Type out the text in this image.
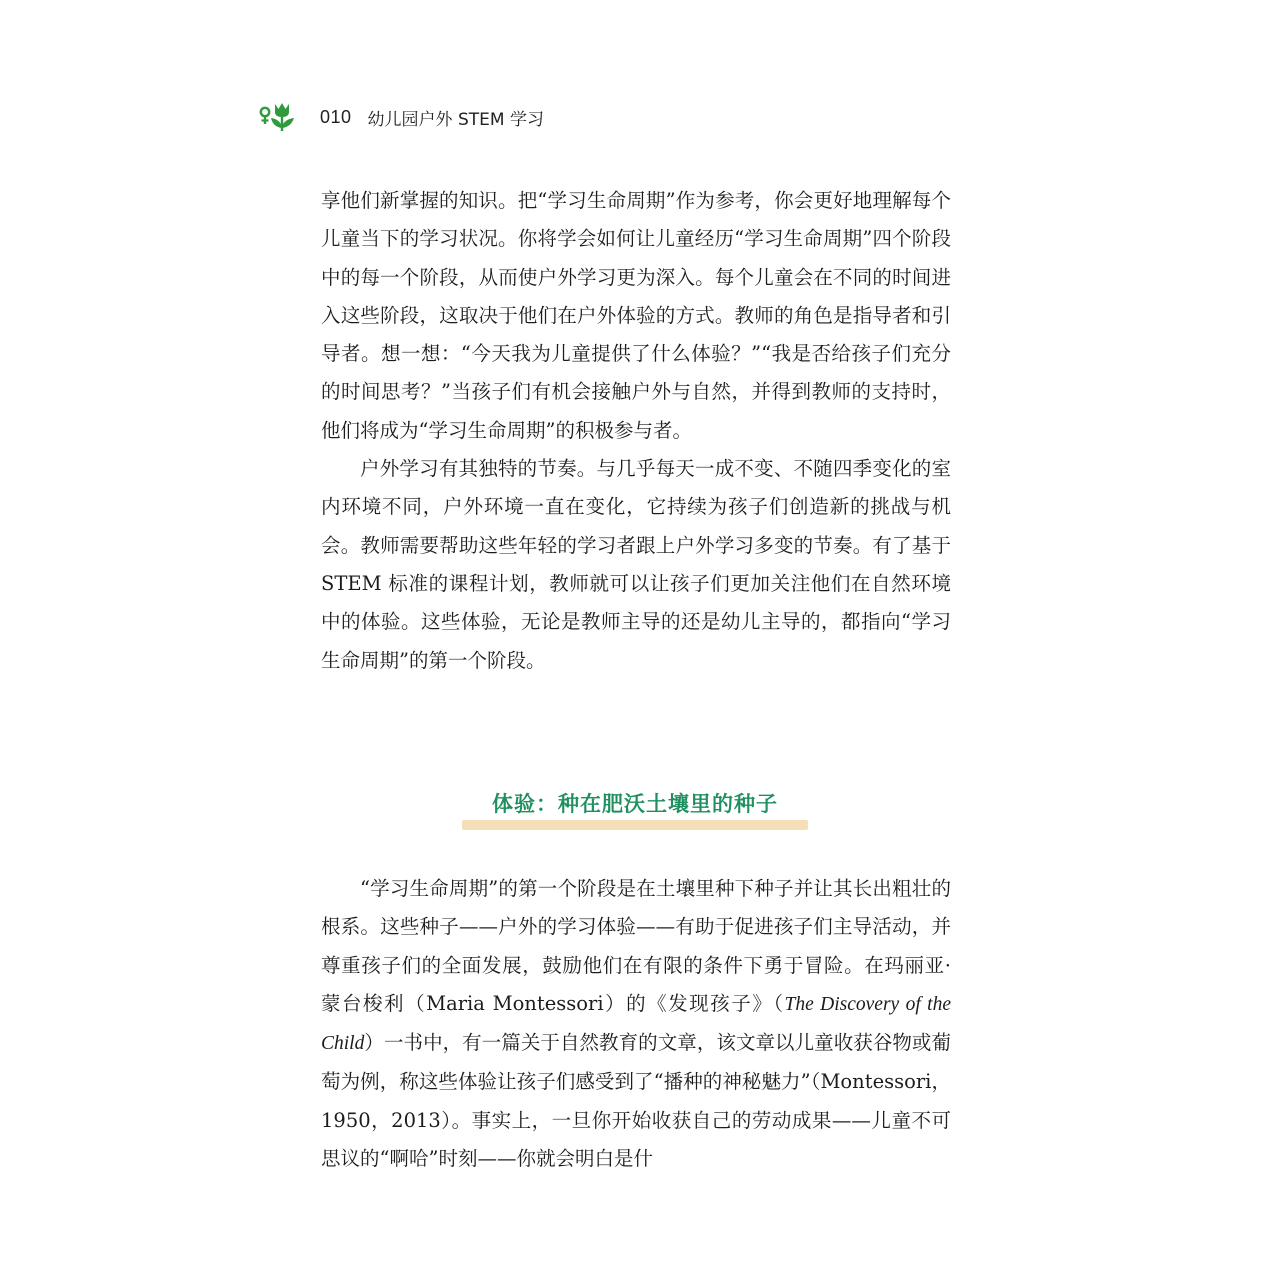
010 幼儿园户外 STEM 学习

享他们新掌握的知识。把“学习生命周期”作为参考，你会更好地理解每个儿童当下的学习状况。你将学会如何让儿童经历“学习生命周期”四个阶段中的每一个阶段，从而使户外学习更为深入。每个儿童会在不同的时间进入这些阶段，这取决于他们在户外体验的方式。教师的角色是指导者和引导者。想一想：“今天我为儿童提供了什么体验？”“我是否给孩子们充分的时间思考？”当孩子们有机会接触户外与自然，并得到教师的支持时，他们将成为“学习生命周期”的积极参与者。

户外学习有其独特的节奏。与几乎每天一成不变、不随四季变化的室内环境不同，户外环境一直在变化，它持续为孩子们创造新的挑战与机会。教师需要帮助这些年轻的学习者跟上户外学习多变的节奏。有了基于 STEM 标准的课程计划，教师就可以让孩子们更加关注他们在自然环境中的体验。这些体验，无论是教师主导的还是幼儿主导的，都指向“学习生命周期”的第一个阶段。

体验：种在肥沃土壤里的种子

“学习生命周期”的第一个阶段是在土壤里种下种子并让其长出粗壮的根系。这些种子——户外的学习体验——有助于促进孩子们主导活动，并尊重孩子们的全面发展，鼓励他们在有限的条件下勇于冒险。在玛丽亚·蒙台梭利（Maria Montessori）的《发现孩子》（The Discovery of the Child）一书中，有一篇关于自然教育的文章，该文章以儿童收获谷物或葡萄为例，称这些体验让孩子们感受到了“播种的神秘魅力”（Montessori，1950，2013）。事实上，一旦你开始收获自己的劳动成果——儿童不可思议的“啊哈”时刻——你就会明白是什
